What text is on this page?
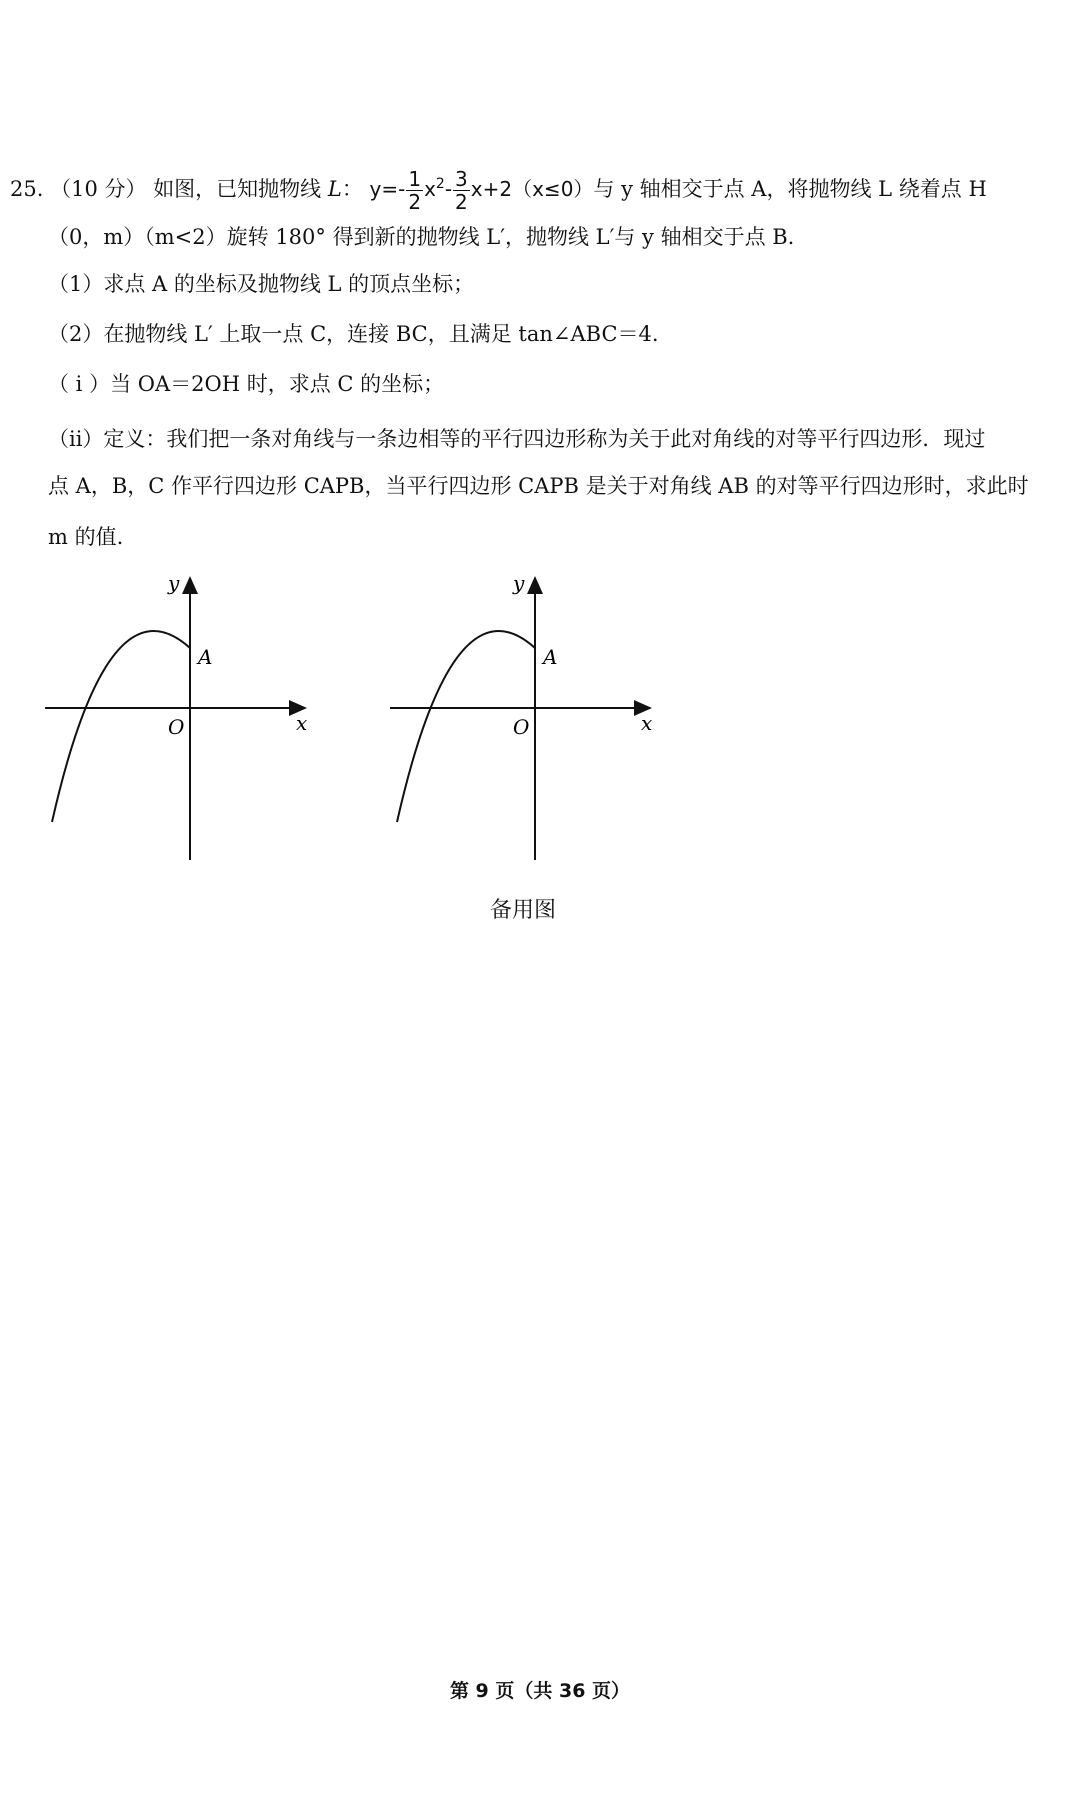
25. （10 分） 如图，已知抛物线 L： $y=- \frac{1}{2} x^2- \frac{3}{2} x+2(x\le 0)$与 y 轴相交于点 A，将抛物线 L 绕着点 H
（0，m）（m<2）旋转 180° 得到新的抛物线 L′，抛物线 L′与 y 轴相交于点 B.
（1）求点 A 的坐标及抛物线 L 的顶点坐标；
（2）在抛物线 L′ 上取一点 C，连接 BC，且满足 tan∠ABC＝4.
（ i ）当 OA＝2OH 时，求点 C 的坐标；
（ii）定义：我们把一条对角线与一条边相等的平行四边形称为关于此对角线的对等平行四边形．现过
点 A，B，C 作平行四边形 CAPB，当平行四边形 CAPB 是关于对角线 AB 的对等平行四边形时，求此时
m 的值.
y
x
O
A
y
x
O
A
备用图
第 9 页（共 36 页）
